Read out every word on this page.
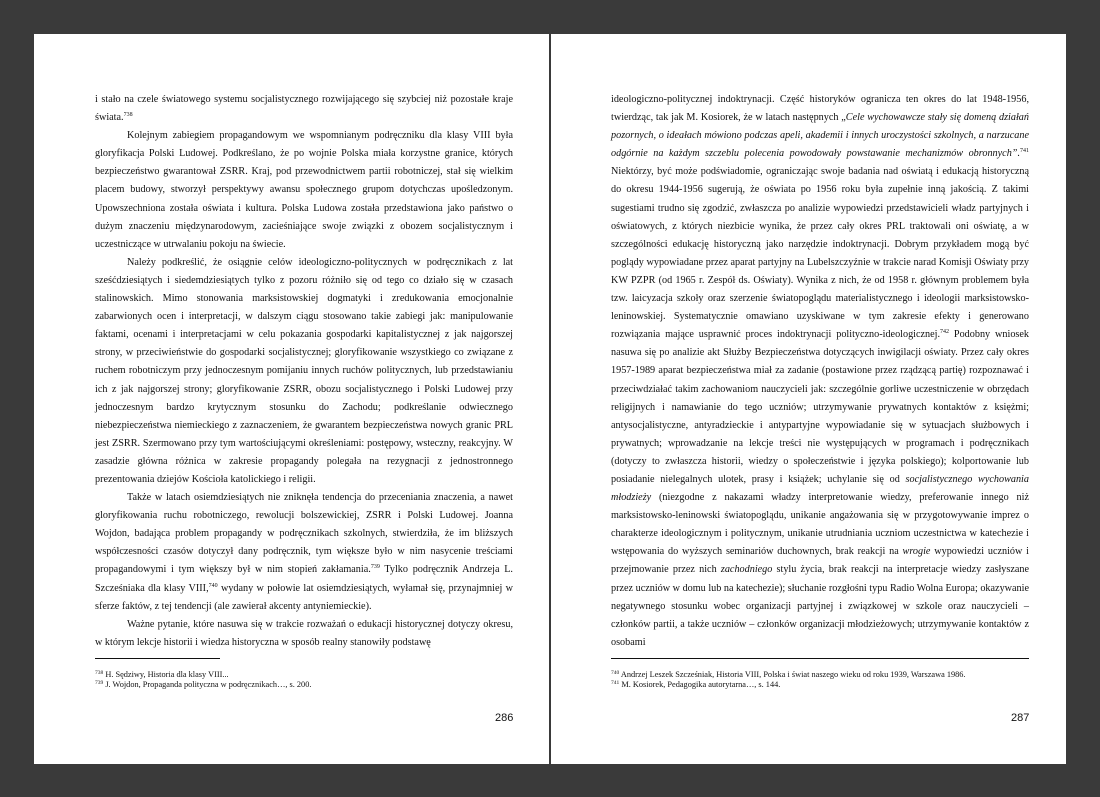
i stało na czele światowego systemu socjalistycznego rozwijającego się szybciej niż pozostałe kraje świata.$^{738}$

Kolejnym zabiegiem propagandowym we wspomnianym podręczniku dla klasy VIII była gloryfikacja Polski Ludowej. Podkreślano, że po wojnie Polska miała korzystne granice, których bezpieczeństwo gwarantował ZSRR. Kraj, pod przewodnictwem partii robotniczej, stał się wielkim placem budowy, stworzył perspektywy awansu społecznego grupom dotychczas upośledzonym. Upowszechniona została oświata i kultura. Polska Ludowa została przedstawiona jako państwo o dużym znaczeniu międzynarodowym, zacieśniające swoje związki z obozem socjalistycznym i uczestniczące w utrwalaniu pokoju na świecie.

Należy podkreślić, że osiągnie celów ideologiczno-politycznych w podręcznikach z lat sześćdziesiątych i siedemdziesiątych tylko z pozoru różniło się od tego co działo się w czasach stalinowskich. Mimo stonowania marksistowskiej dogmatyki i zredukowania emocjonalnie zabarwionych ocen i interpretacji, w dalszym ciągu stosowano takie zabiegi jak: manipulowanie faktami, ocenami i interpretacjami w celu pokazania gospodarki kapitalistycznej z jak najgorszej strony, w przeciwieństwie do gospodarki socjalistycznej; gloryfikowanie wszystkiego co związane z ruchem robotniczym przy jednoczesnym pomijaniu innych ruchów politycznych, lub przedstawianiu ich z jak najgorszej strony; gloryfikowanie ZSRR, obozu socjalistycznego i Polski Ludowej przy jednoczesnym bardzo krytycznym stosunku do Zachodu; podkreślanie odwiecznego niebezpieczeństwa niemieckiego z zaznaczeniem, że gwarantem bezpieczeństwa nowych granic PRL jest ZSRR. Szermowano przy tym wartościującymi określeniami: postępowy, wsteczny, reakcyjny. W zasadzie główna różnica w zakresie propagandy polegała na rezygnacji z jednostronnego prezentowania dziejów Kościoła katolickiego i religii.

Także w latach osiemdziesiątych nie zniknęła tendencja do przeceniania znaczenia, a nawet gloryfikowania ruchu robotniczego, rewolucji bolszewickiej, ZSRR i Polski Ludowej. Joanna Wojdon, badająca problem propagandy w podręcznikach szkolnych, stwierdziła, że im bliższych współczesności czasów dotyczył dany podręcznik, tym większe było w nim nasycenie treściami propagandowymi i tym większy był w nim stopień zakłamania.$^{739}$ Tylko podręcznik Andrzeja L. Szcześniaka dla klasy VIII,$^{740}$ wydany w połowie lat osiemdziesiątych, wyłamał się, przynajmniej w sferze faktów, z tej tendencji (ale zawierał akcenty antyniemieckie).

Ważne pytanie, które nasuwa się w trakcie rozważań o edukacji historycznej dotyczy okresu, w którym lekcje historii i wiedza historyczna w sposób realny stanowiły podstawę

$^{738}$ H. Sędziwy, Historia dla klasy VIII...
$^{739}$ J. Wojdon, Propaganda polityczna w podręcznikach…, s. 200.
286

ideologiczno-politycznej indoktrynacji. Część historyków ogranicza ten okres do lat 1948-1956, twierdząc, tak jak M. Kosiorek, że w latach następnych „Cele wychowawcze stały się domeną działań pozornych, o ideałach mówiono podczas apeli, akademii i innych uroczystości szkolnych, a narzucane odgórnie na każdym szczeblu polecenia powodowały powstawanie mechanizmów obronnych”.$^{741}$ Niektórzy, być może podświadomie, ograniczając swoje badania nad oświatą i edukacją historyczną do okresu 1944-1956 sugerują, że oświata po 1956 roku była zupełnie inną jakością. Z takimi sugestiami trudno się zgodzić, zwłaszcza po analizie wypowiedzi przedstawicieli władz partyjnych i oświatowych, z których niezbicie wynika, że przez cały okres PRL traktowali oni oświatę, a w szczególności edukację historyczną jako narzędzie indoktrynacji. Dobrym przykładem mogą być poglądy wypowiadane przez aparat partyjny na Lubelszczyźnie w trakcie narad Komisji Oświaty przy KW PZPR (od 1965 r. Zespół ds. Oświaty). Wynika z nich, że od 1958 r. głównym problemem była tzw. laicyzacja szkoły oraz szerzenie światopoglądu materialistycznego i ideologii marksistowsko-leninowskiej. Systematycznie omawiano uzyskiwane w tym zakresie efekty i generowano rozwiązania mające usprawnić proces indoktrynacji polityczno-ideologicznej.$^{742}$ Podobny wniosek nasuwa się po analizie akt Służby Bezpieczeństwa dotyczących inwigilacji oświaty. Przez cały okres 1957-1989 aparat bezpieczeństwa miał za zadanie (postawione przez rządzącą partię) rozpoznawać i przeciwdziałać takim zachowaniom nauczycieli jak: szczególnie gorliwe uczestniczenie w obrzędach religijnych i namawianie do tego uczniów; utrzymywanie prywatnych kontaktów z księżmi; antysocjalistyczne, antyradzieckie i antypartyjne wypowiadanie się w sytuacjach służbowych i prywatnych; wprowadzanie na lekcje treści nie występujących w programach i podręcznikach (dotyczy to zwłaszcza historii, wiedzy o społeczeństwie i języka polskiego); kolportowanie lub posiadanie nielegalnych ulotek, prasy i książek; uchylanie się od socjalistycznego wychowania młodzieży (niezgodne z nakazami władzy interpretowanie wiedzy, preferowanie innego niż marksistowsko-leninowski światopoglądu, unikanie angażowania się w przygotowywanie imprez o charakterze ideologicznym i politycznym, unikanie utrudniania uczniom uczestnictwa w katechezie i wstępowania do wyższych seminariów duchownych, brak reakcji na wrogie wypowiedzi uczniów i przejmowanie przez nich zachodniego stylu życia, brak reakcji na interpretacje wiedzy zasłyszane przez uczniów w domu lub na katechezie); słuchanie rozgłośni typu Radio Wolna Europa; okazywanie negatywnego stosunku wobec organizacji partyjnej i związkowej w szkole oraz nauczycieli – członków partii, a także uczniów – członków organizacji młodzieżowych; utrzymywanie kontaktów z osobami

$^{740}$ Andrzej Leszek Szcześniak, Historia VIII, Polska i świat naszego wieku od roku 1939, Warszawa 1986.
$^{741}$ M. Kosiorek, Pedagogika autorytarna…, s. 144.
287
